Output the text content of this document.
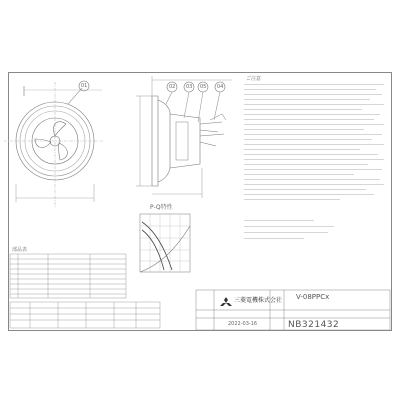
01	02 03 05 04
P-Q特性
部品表
ご注意
三菱電機株式会社 V-08PPCx
NB321432
2022-03-16
